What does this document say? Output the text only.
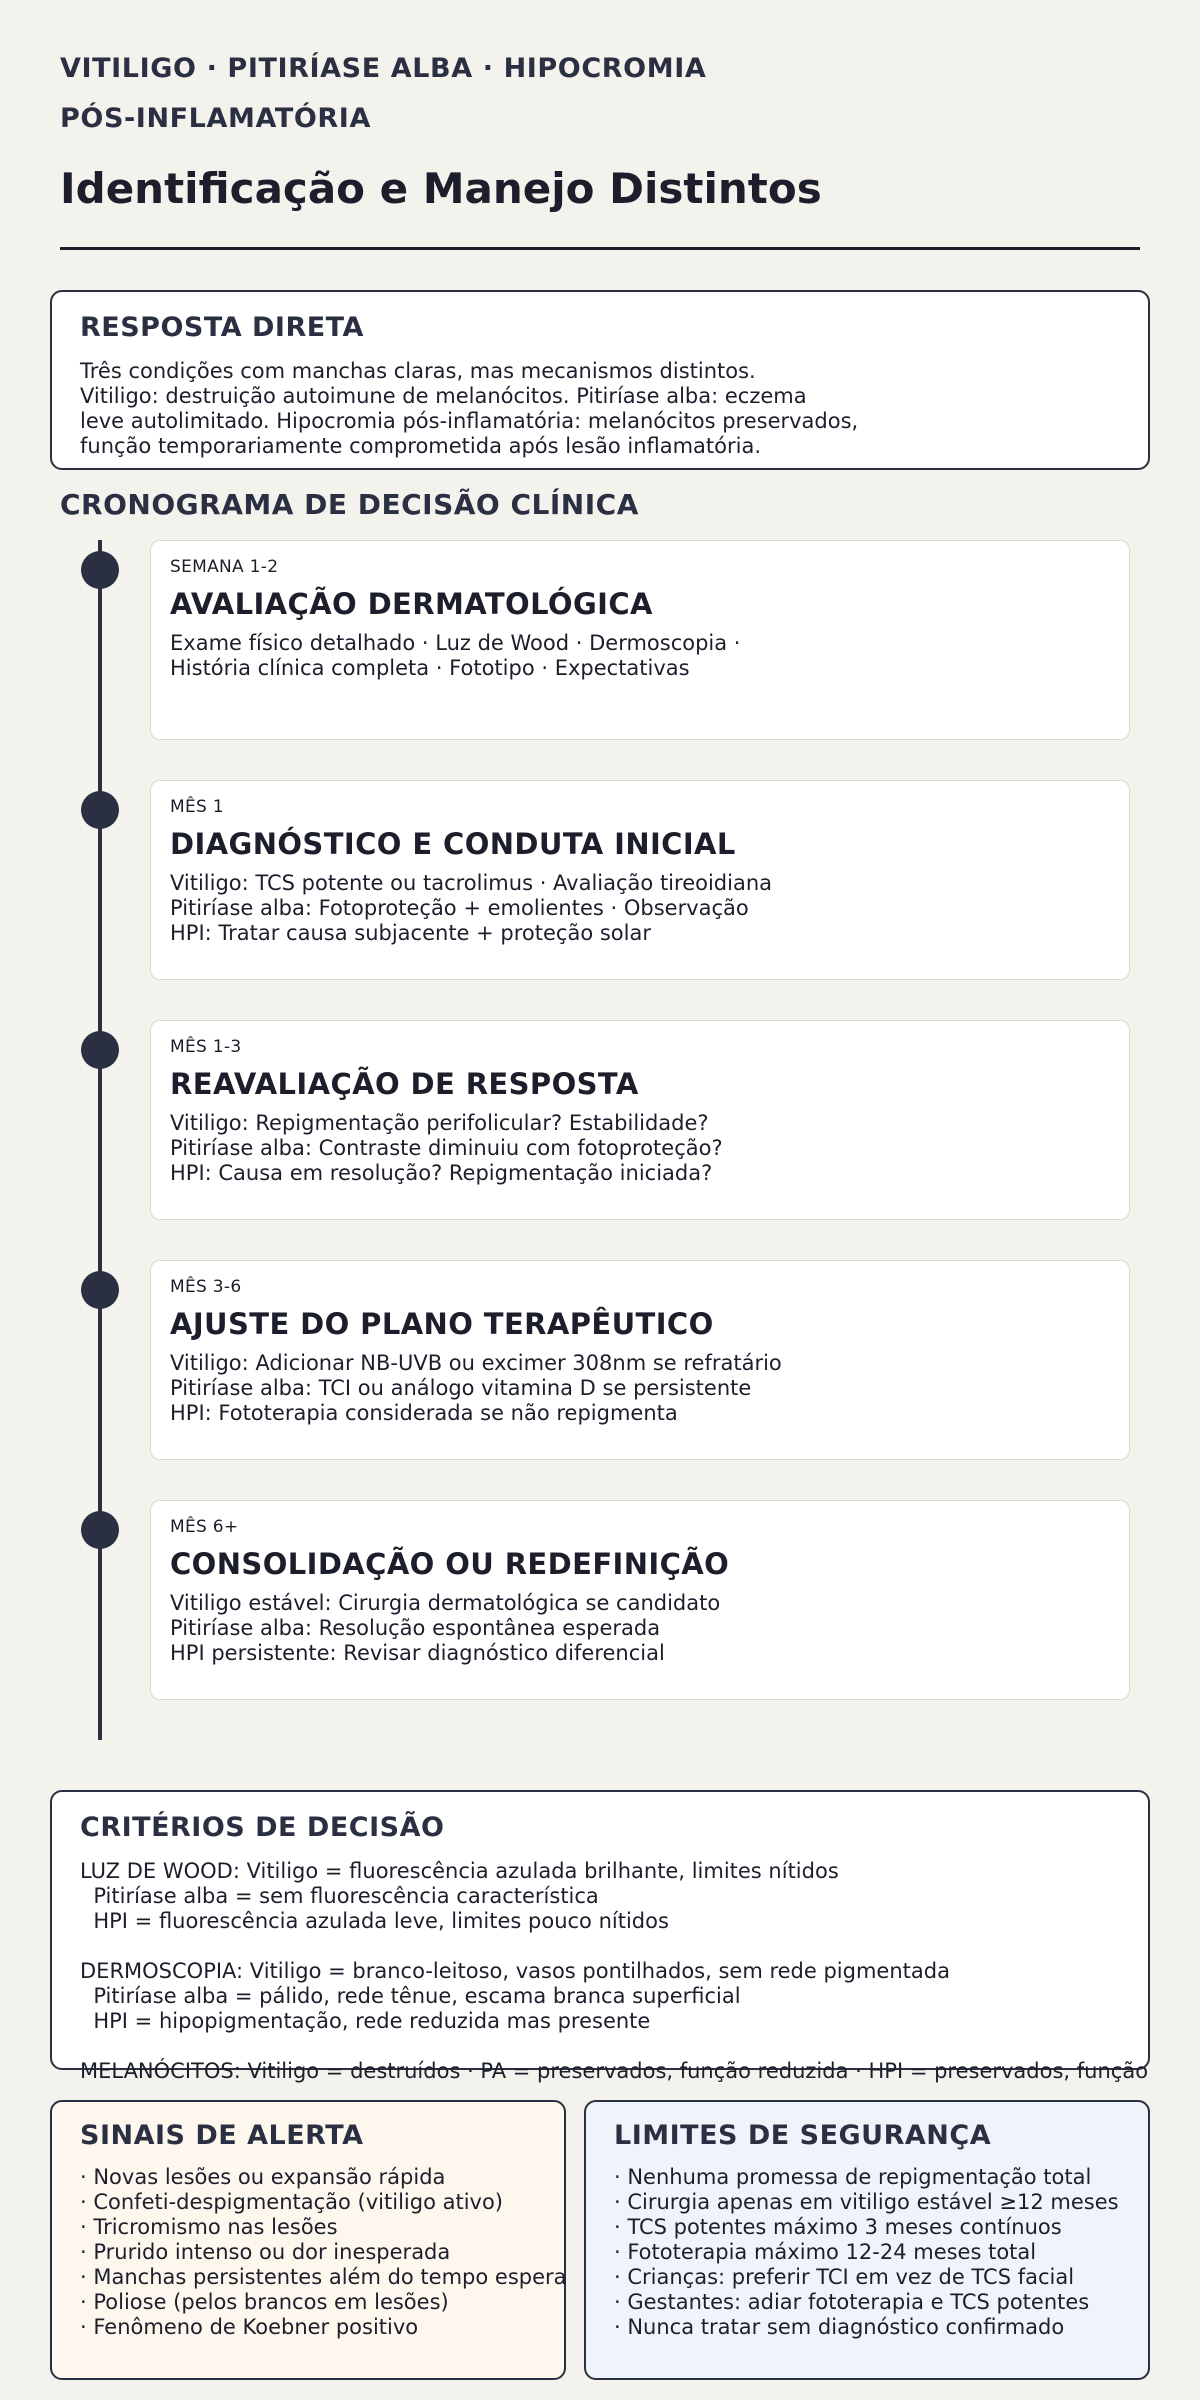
VITILIGO · PITIRÍASE ALBA · HIPOCROMIA
PÓS-INFLAMATÓRIA
Identificação e Manejo Distintos
RESPOSTA DIRETA
Três condições com manchas claras, mas mecanismos distintos.
Vitiligo: destruição autoimune de melanócitos. Pitiríase alba: eczema
leve autolimitado. Hipocromia pós-inflamatória: melanócitos preservados,
função temporariamente comprometida após lesão inflamatória.
CRONOGRAMA DE DECISÃO CLÍNICA
SEMANA 1-2
AVALIAÇÃO DERMATOLÓGICA
Exame físico detalhado · Luz de Wood · Dermoscopia ·
História clínica completa · Fototipo · Expectativas
MÊS 1
DIAGNÓSTICO E CONDUTA INICIAL
Vitiligo: TCS potente ou tacrolimus · Avaliação tireoidiana
Pitiríase alba: Fotoproteção + emolientes · Observação
HPI: Tratar causa subjacente + proteção solar
MÊS 1-3
REAVALIAÇÃO DE RESPOSTA
Vitiligo: Repigmentação perifolicular? Estabilidade?
Pitiríase alba: Contraste diminuiu com fotoproteção?
HPI: Causa em resolução? Repigmentação iniciada?
MÊS 3-6
AJUSTE DO PLANO TERAPÊUTICO
Vitiligo: Adicionar NB-UVB ou excimer 308nm se refratário
Pitiríase alba: TCI ou análogo vitamina D se persistente
HPI: Fototerapia considerada se não repigmenta
MÊS 6+
CONSOLIDAÇÃO OU REDEFINIÇÃO
Vitiligo estável: Cirurgia dermatológica se candidato
Pitiríase alba: Resolução espontânea esperada
HPI persistente: Revisar diagnóstico diferencial
CRITÉRIOS DE DECISÃO
LUZ DE WOOD: Vitiligo = fluorescência azulada brilhante, limites nítidos
Pitiríase alba = sem fluorescência característica
HPI = fluorescência azulada leve, limites pouco nítidos

DERMOSCOPIA: Vitiligo = branco-leitoso, vasos pontilhados, sem rede pigmentada
Pitiríase alba = pálido, rede tênue, escama branca superficial
HPI = hipopigmentação, rede reduzida mas presente

MELANÓCITOS: Vitiligo = destruídos · PA = preservados, função reduzida · HPI = preservados, função
SINAIS DE ALERTA
· Novas lesões ou expansão rápida
· Confeti-despigmentação (vitiligo ativo)
· Tricromismo nas lesões
· Prurido intenso ou dor inesperada
· Manchas persistentes além do tempo espera
· Poliose (pelos brancos em lesões)
· Fenômeno de Koebner positivo
LIMITES DE SEGURANÇA
· Nenhuma promessa de repigmentação total
· Cirurgia apenas em vitiligo estável ≥12 meses
· TCS potentes máximo 3 meses contínuos
· Fototerapia máximo 12-24 meses total
· Crianças: preferir TCI em vez de TCS facial
· Gestantes: adiar fototerapia e TCS potentes
· Nunca tratar sem diagnóstico confirmado
